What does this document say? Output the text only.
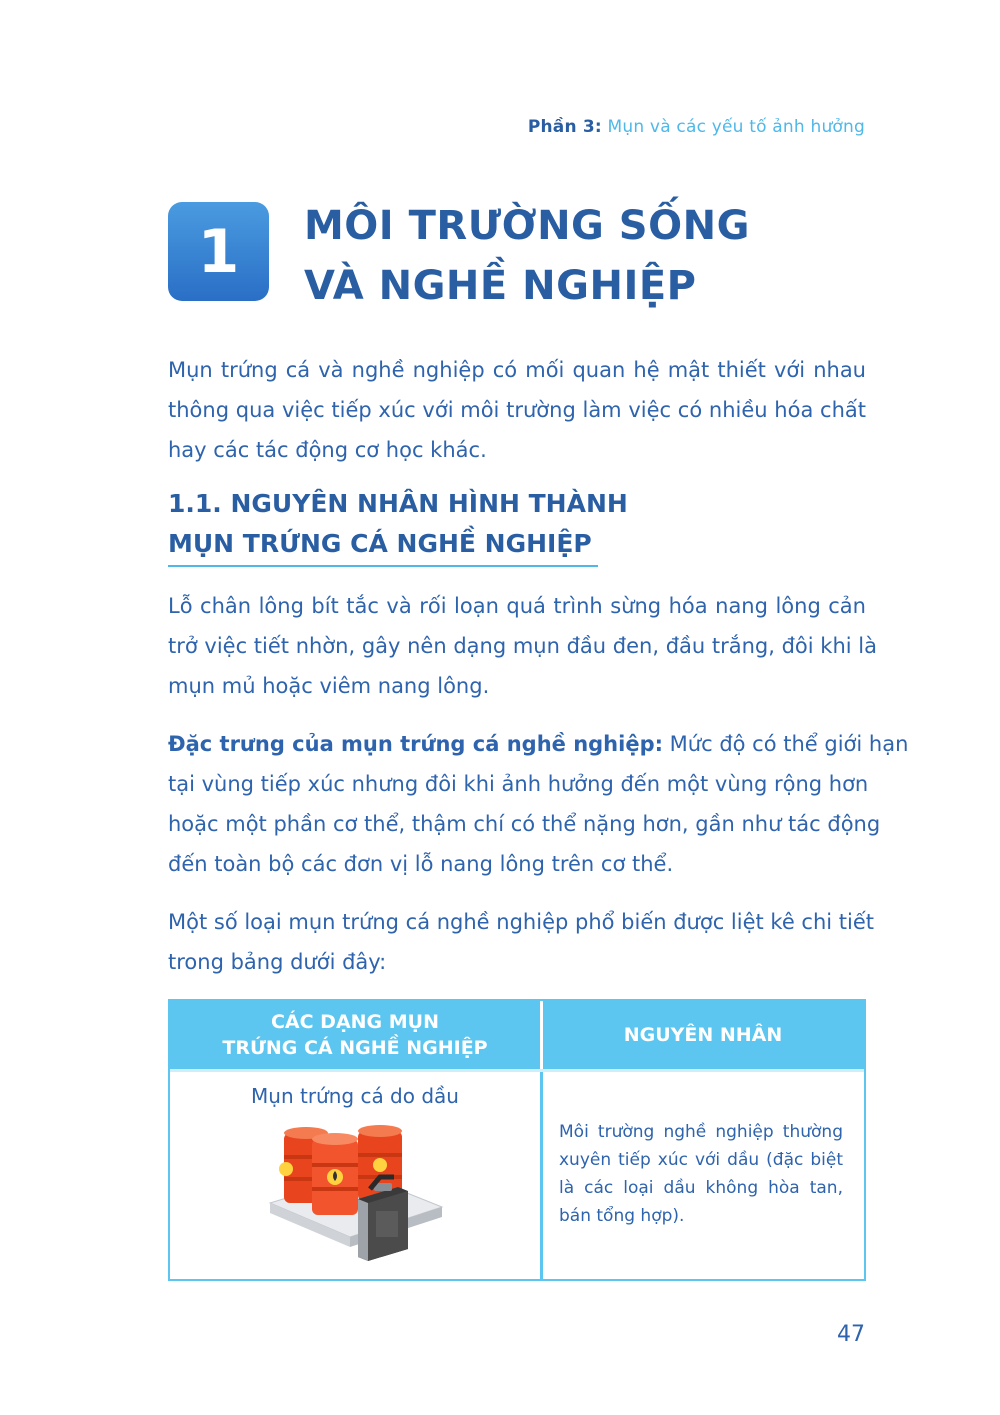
Phần 3: Mụn và các yếu tố ảnh hưởng
1	MÔI TRƯỜNG SỐNG
VÀ NGHỀ NGHIỆP
Mụn trứng cá và nghề nghiệp có mối quan hệ mật thiết với nhau
thông qua việc tiếp xúc với môi trường làm việc có nhiều hóa chất
hay các tác động cơ học khác.
1.1. NGUYÊN NHÂN HÌNH THÀNH
MỤN TRỨNG CÁ NGHỀ NGHIỆP
Lỗ chân lông bít tắc và rối loạn quá trình sừng hóa nang lông cản
trở việc tiết nhờn, gây nên dạng mụn đầu đen, đầu trắng, đôi khi là
mụn mủ hoặc viêm nang lông.
Đặc trưng của mụn trứng cá nghề nghiệp: Mức độ có thể giới hạn
tại vùng tiếp xúc nhưng đôi khi ảnh hưởng đến một vùng rộng hơn
hoặc một phần cơ thể, thậm chí có thể nặng hơn, gần như tác động
đến toàn bộ các đơn vị lỗ nang lông trên cơ thể.
Một số loại mụn trứng cá nghề nghiệp phổ biến được liệt kê chi tiết
trong bảng dưới đây:
CÁC DẠNG MỤN
TRỨNG CÁ NGHỀ NGHIỆP
NGUYÊN NHÂN
Mụn trứng cá do dầu
Môi trường nghề nghiệp thường
xuyên tiếp xúc với dầu (đặc biệt
là các loại dầu không hòa tan,
bán tổng hợp).
47
